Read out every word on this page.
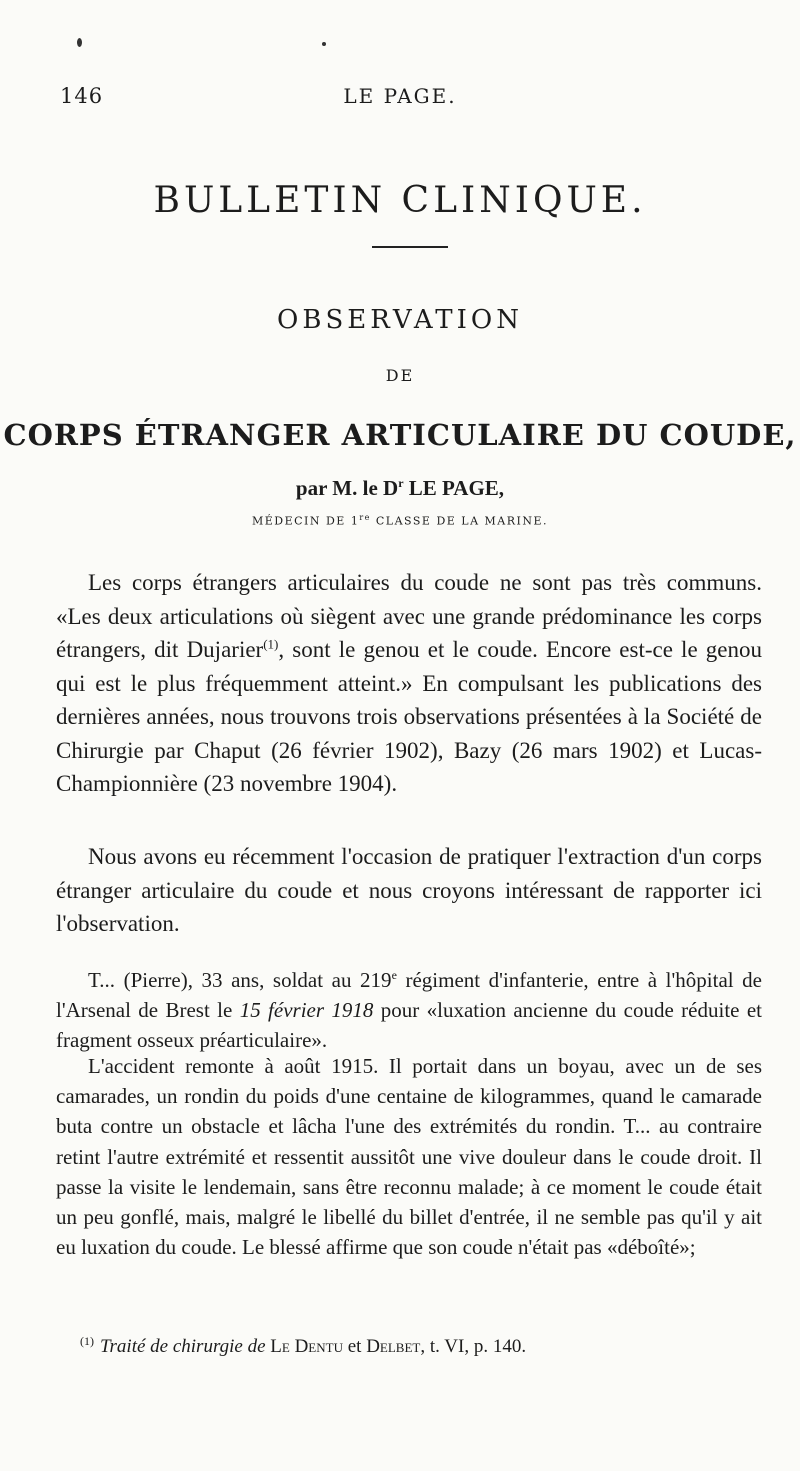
146	LE PAGE.
BULLETIN CLINIQUE.
OBSERVATION
DE
CORPS ÉTRANGER ARTICULAIRE DU COUDE,
par M. le $D^r$ LE PAGE,
MÉDECIN DE 1re CLASSE DE LA MARINE.
Les corps étrangers articulaires du coude ne sont pas très communs. «Les deux articulations où siègent avec une grande prédominance les corps étrangers, dit Dujarier$^{(1)}$, sont le genou et le coude. Encore est-ce le genou qui est le plus fréquemment atteint.» En compulsant les publications des dernières années, nous trouvons trois observations présentées à la Société de Chirurgie par Chaput (26 février 1902), Bazy (26 mars 1902) et Lucas-Championnière (23 novembre 1904).
Nous avons eu récemment l'occasion de pratiquer l'extraction d'un corps étranger articulaire du coude et nous croyons intéressant de rapporter ici l'observation.
T... (Pierre), 33 ans, soldat au 219e régiment d'infanterie, entre à l'hôpital de l'Arsenal de Brest le 15 février 1918 pour «luxation ancienne du coude réduite et fragment osseux préarticulaire».
L'accident remonte à août 1915. Il portait dans un boyau, avec un de ses camarades, un rondin du poids d'une centaine de kilogrammes, quand le camarade buta contre un obstacle et lâcha l'une des extrémités du rondin. T... au contraire retint l'autre extrémité et ressentit aussitôt une vive douleur dans le coude droit. Il passe la visite le lendemain, sans être reconnu malade; à ce moment le coude était un peu gonflé, mais, malgré le libellé du billet d'entrée, il ne semble pas qu'il y ait eu luxation du coude. Le blessé affirme que son coude n'était pas «déboîté»;
$^{(1)}$ Traité de chirurgie de Le Dentu et Delbet, t. VI, p. 140.
